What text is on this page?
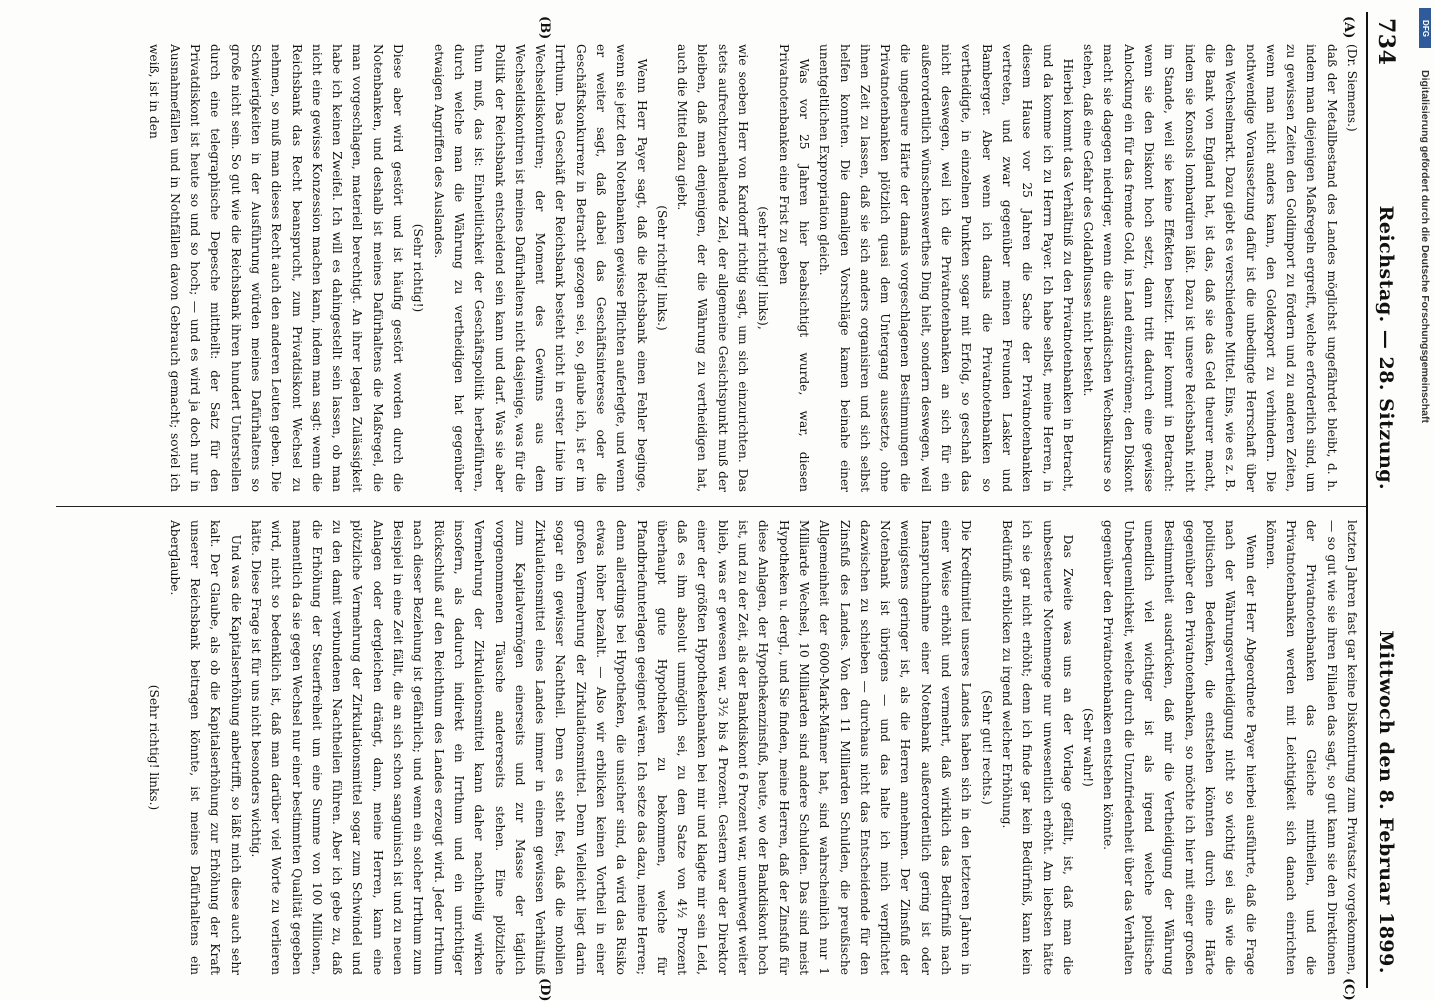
734
Reichstag. — 28. Sitzung.
Mittwoch den 8. Februar 1899.
(A)
(B)
(C)
(D)

(Dr. Siemens.)

daß der Metallbestand des Landes möglichst ungefährdet bleibt, d. h. indem man diejenigen Maßregeln ergreift, welche erforderlich sind, um zu gewissen Zeiten den Goldimport zu fördern und zu anderen Zeiten, wenn man nicht anders kann, den Goldexport zu verhindern. Die nothwendige Voraussetzung dafür ist die unbedingte Herrschaft über den Wechselmarkt. Dazu giebt es verschiedene Mittel. Eins, wie es z. B. die Bank von England hat, ist das, daß sie das Geld theurer macht, indem sie Konsols lombardiren läßt. Dazu ist unsere Reichsbank nicht im Stande, weil sie keine Effekten besitzt. Hier kommt in Betracht: wenn sie den Diskont hoch setzt, dann tritt dadurch eine gewisse Anlockung ein für das fremde Gold, ins Land einzuströmen; den Diskont macht sie dagegen niedriger, wenn die ausländischen Wechselkurse so stehen, daß eine Gefahr des Goldabflusses nicht besteht.

Hierbei kommt das Verhältniß zu den Privatnotenbanken in Betracht, und da komme ich zu Herrn Payer. Ich habe selbst, meine Herren, in diesem Hause vor 25 Jahren die Sache der Privatnotenbanken vertreten, und zwar gegenüber meinen Freunden Lasker und Bamberger. Aber wenn ich damals die Privatnotenbanken so vertheidigte, in einzelnen Punkten sogar mit Erfolg, so geschah das nicht deswegen, weil ich die Privatnotenbanken an sich für ein außerordentlich wünschenswerthes Ding hielt, sondern deswegen, weil die ungeheure Härte der damals vorgeschlagenen Bestimmungen die Privatnotenbanken plötzlich quasi dem Untergang aussetzte, ohne ihnen Zeit zu lassen, daß sie sich anders organisiren und sich selbst helfen konnten. Die damaligen Vorschläge kamen beinahe einer unentgeltlichen Expropriation gleich.

Was vor 25 Jahren hier beabsichtigt wurde, war, diesen Privatnotenbanken eine Frist zu geben

(sehr richtig! links),

wie soeben Herr von Kardorff richtig sagt, um sich einzurichten. Das stets aufrechtzuerhaltende Ziel, der allgemeine Gesichtspunkt muß der bleiben, daß man denjenigen, der die Währung zu vertheidigen hat, auch die Mittel dazu giebt.

(Sehr richtig! links.)

Wenn Herr Payer sagt, daß die Reichsbank einen Fehler beginge, wenn sie jetzt den Notenbanken gewisse Pflichten auferlegte, und wenn er weiter sagt, daß dabei das Geschäftsinteresse oder die Geschäftskonkurrenz in Betracht gezogen sei, so, glaube ich, ist er im Irrthum. Das Geschäft der Reichsbank besteht nicht in erster Linie im Wechseldiskontiren; der Moment des Gewinns aus dem Wechseldiskontiren ist meines Dafürhaltens nicht dasjenige, was für die Politik der Reichsbank entscheidend sein kann und darf. Was sie aber thun muß, das ist: Einheitlichkeit der Geschäftspolitik herbeiführen, durch welche man die Währung zu vertheidigen hat gegenüber etwaigen Angriffen des Auslandes.

(Sehr richtig!)

Diese aber wird gestört und ist häufig gestört worden durch die Notenbanken, und deshalb ist meines Dafürhaltens die Maßregel, die man vorgeschlagen, materiell berechtigt. An ihrer legalen Zulässigkeit habe ich keinen Zweifel. Ich will es dahingestellt sein lassen, ob man nicht eine gewisse Konzession machen kann, indem man sagt: wenn die Reichsbank das Recht beansprucht, zum Privatdiskont Wechsel zu nehmen, so muß man dieses Recht auch den anderen Leuten geben. Die Schwierigkeiten in der Ausführung würden meines Dafürhaltens so große nicht sein. So gut wie die Reichsbank ihren hundert Unterstellen durch eine telegraphische Depesche mittheilt: der Satz für den Privatdiskont ist heute so und so hoch; — und es wird ja doch nur in Ausnahmefällen und in Nothfällen davon Gebrauch gemacht; soviel ich weiß, ist in den

letzten Jahren fast gar keine Diskontirung zum Privatsatz vorgekommen, — so gut wie sie ihren Filialen das sagt, so gut kann sie den Direktionen der Privatnotenbanken das Gleiche mittheilen, und die Privatnotenbanken werden mit Leichtigkeit sich danach einrichten können.

Wenn der Herr Abgeordnete Payer hierbei ausführte, daß die Frage nach der Währungsvertheidigung nicht so wichtig sei als wie die politischen Bedenken, die entstehen könnten durch eine Härte gegenüber den Privatnotenbanken, so möchte ich hier mit einer großen Bestimmtheit ausdrücken, daß mir die Vertheidigung der Währung unendlich viel wichtiger ist als irgend welche politische Unbequemlichkeit, welche durch die Unzufriedenheit über das Verhalten gegenüber den Privatnotenbanken entstehen könnte.

(Sehr wahr!)

Das Zweite was uns an der Vorlage gefällt, ist, daß man die unbesteuerte Notenmenge nur unwesentlich erhöht. Am liebsten hätte ich sie gar nicht erhöht; denn ich finde gar kein Bedürfniß, kann kein Bedürfniß erblicken zu irgend welcher Erhöhung.

(Sehr gut! rechts.)

Die Kreditmittel unseres Landes haben sich in den letzteren Jahren in einer Weise erhöht und vermehrt, daß wirklich das Bedürfniß nach Inanspruchnahme einer Notenbank außerordentlich gering ist oder wenigstens geringer ist, als die Herren annehmen. Der Zinsfuß der Notenbank ist übrigens — und das halte ich mich verpflichtet dazwischen zu schieben — durchaus nicht das Entscheidende für den Zinsfuß des Landes. Von den 11 Milliarden Schulden, die preußische Allgemeinheit der 6000-Mark-Männer hat, sind wahrscheinlich nur 1 Milliarde Wechsel, 10 Milliarden sind andere Schulden. Das sind meist Hypotheken u. dergl., und Sie finden, meine Herren, daß der Zinsfuß für diese Anlagen, der Hypothekenzinsfuß, heute, wo der Bankdiskont hoch ist, und zu der Zeit, als der Bankdiskont 6 Prozent war, unentwegt weiter blieb, was er gewesen war, 3½ bis 4 Prozent. Gestern war der Direktor einer der größten Hypothekenbanken bei mir und klagte mir sein Leid, daß es ihm absolut unmöglich sei, zu dem Satze von 4½ Prozent überhaupt gute Hypotheken zu bekommen, welche für Pfandbriefunterlagen geeignet wären. Ich setze das dazu, meine Herren; denn allerdings bei Hypotheken, die unsicher sind, da wird das Risiko etwas höher bezahlt. — Also wir erblicken keinen Vortheil in einer großen Vermehrung der Zirkulationsmittel. Denn Vielleicht liegt darin sogar ein gewisser Nachtheil. Denn es steht fest, daß die mobilen Zirkulationsmittel eines Landes immer in einem gewissen Verhältniß zum Kapitalvermögen einerseits und zur Masse der täglich vorgenommenen Täusche andererseits stehen. Eine plötzliche Vermehrung der Zirkulationsmittel kann daher nachtheilig wirken insofern, als dadurch indirekt ein Irrthum und ein unrichtiger Rückschluß auf den Reichthum des Landes erzeugt wird. Jeder Irrthum nach dieser Beziehung ist gefährlich; und wenn ein solcher Irrthum zum Beispiel in eine Zeit fällt, die an sich schon sanguinisch ist und zu neuen Anlagen oder dergleichen drängt, dann, meine Herren, kann eine plötzliche Vermehrung der Zirkulationsmittel sogar zum Schwindel und zu den damit verbundenen Nachtheilen führen. Aber ich gebe zu, daß die Erhöhung der Steuerfreiheit um eine Summe von 100 Millionen, namentlich da sie gegen Wechsel nur einer bestimmten Qualität gegeben wird, nicht so bedenklich ist, daß man darüber viel Worte zu verlieren hätte. Diese Frage ist für uns nicht besonders wichtig.

Und was die Kapitalserhöhung anbetrifft, so läßt mich diese auch sehr kalt. Der Glaube, als ob die Kapitalserhöhung zur Erhöhung der Kraft unserer Reichsbank beitragen könnte, ist meines Dafürhaltens ein Aberglaube.

(Sehr richtig! links.)

DFG
Digitalisierung gefördert durch die Deutsche Forschungsgemeinschaft
